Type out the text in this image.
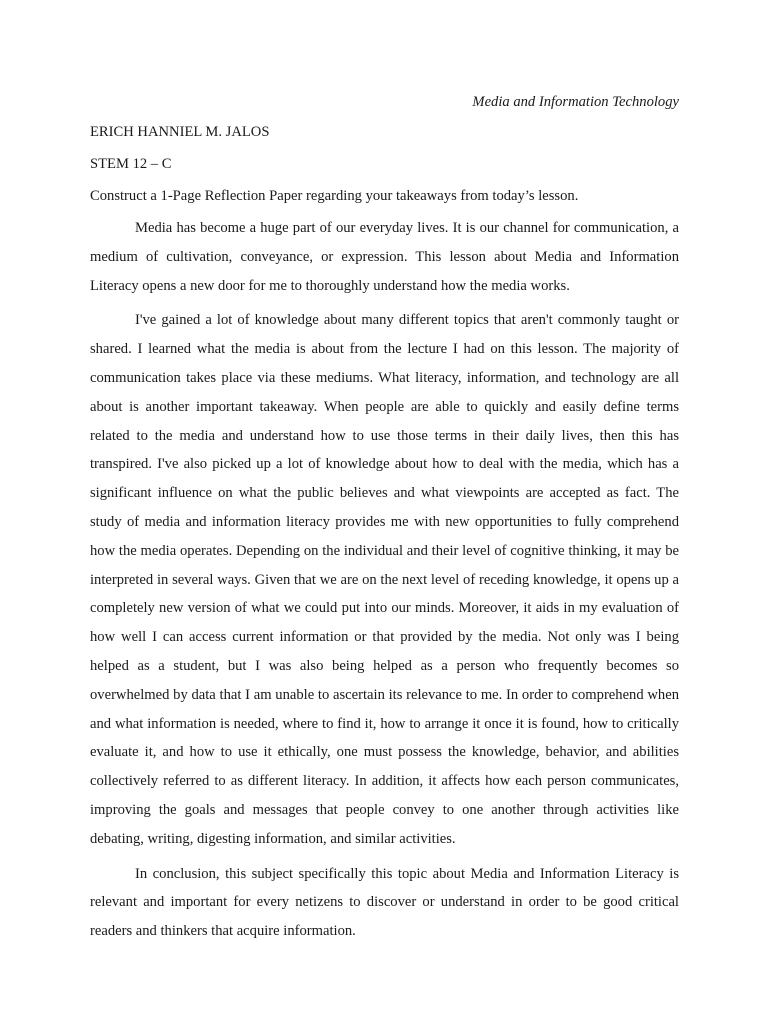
Media and Information Technology

ERICH HANNIEL M. JALOS

STEM 12 – C

Construct a 1-Page Reflection Paper regarding your takeaways from today’s lesson.

Media has become a huge part of our everyday lives. It is our channel for communication, a medium of cultivation, conveyance, or expression. This lesson about Media and Information Literacy opens a new door for me to thoroughly understand how the media works.

I've gained a lot of knowledge about many different topics that aren't commonly taught or shared. I learned what the media is about from the lecture I had on this lesson. The majority of communication takes place via these mediums. What literacy, information, and technology are all about is another important takeaway. When people are able to quickly and easily define terms related to the media and understand how to use those terms in their daily lives, then this has transpired. I've also picked up a lot of knowledge about how to deal with the media, which has a significant influence on what the public believes and what viewpoints are accepted as fact. The study of media and information literacy provides me with new opportunities to fully comprehend how the media operates. Depending on the individual and their level of cognitive thinking, it may be interpreted in several ways. Given that we are on the next level of receding knowledge, it opens up a completely new version of what we could put into our minds. Moreover, it aids in my evaluation of how well I can access current information or that provided by the media. Not only was I being helped as a student, but I was also being helped as a person who frequently becomes so overwhelmed by data that I am unable to ascertain its relevance to me. In order to comprehend when and what information is needed, where to find it, how to arrange it once it is found, how to critically evaluate it, and how to use it ethically, one must possess the knowledge, behavior, and abilities collectively referred to as different literacy. In addition, it affects how each person communicates, improving the goals and messages that people convey to one another through activities like debating, writing, digesting information, and similar activities.

In conclusion, this subject specifically this topic about Media and Information Literacy is relevant and important for every netizens to discover or understand in order to be good critical readers and thinkers that acquire information.
